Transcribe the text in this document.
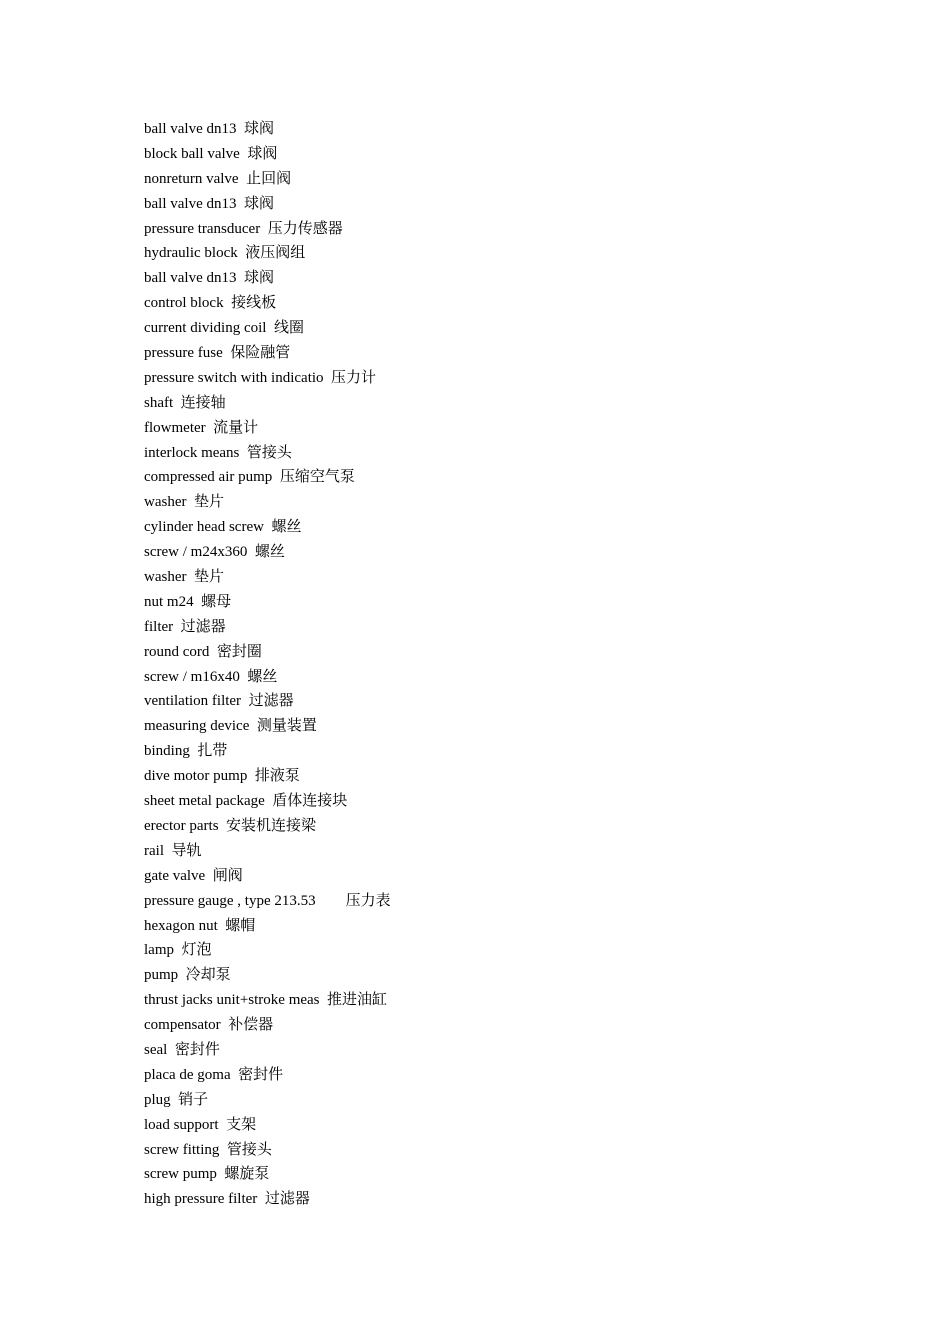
ball valve dn13  球阀
block ball valve  球阀
nonreturn valve  止回阀
ball valve dn13  球阀
pressure transducer  压力传感器
hydraulic block  液压阀组
ball valve dn13  球阀
control block  接线板
current dividing coil  线圈
pressure fuse  保险融管
pressure switch with indicatio  压力计
shaft  连接轴
flowmeter  流量计
interlock means  管接头
compressed air pump  压缩空气泵
washer  垫片
cylinder head screw  螺丝
screw / m24x360  螺丝
washer  垫片
nut m24  螺母
filter  过滤器
round cord  密封圈
screw / m16x40  螺丝
ventilation filter  过滤器
measuring device  测量装置
binding  扎带
dive motor pump  排液泵
sheet metal package  盾体连接块
erector parts  安装机连接梁
rail  导轨
gate valve  闸阀
pressure gauge , type 213.53   压力表
hexagon nut  螺帽
lamp  灯泡
pump  冷却泵
thrust jacks unit+stroke meas  推进油缸
compensator  补偿器
seal  密封件
placa de goma  密封件
plug  销子
load support  支架
screw fitting  管接头
screw pump  螺旋泵
high pressure filter  过滤器
